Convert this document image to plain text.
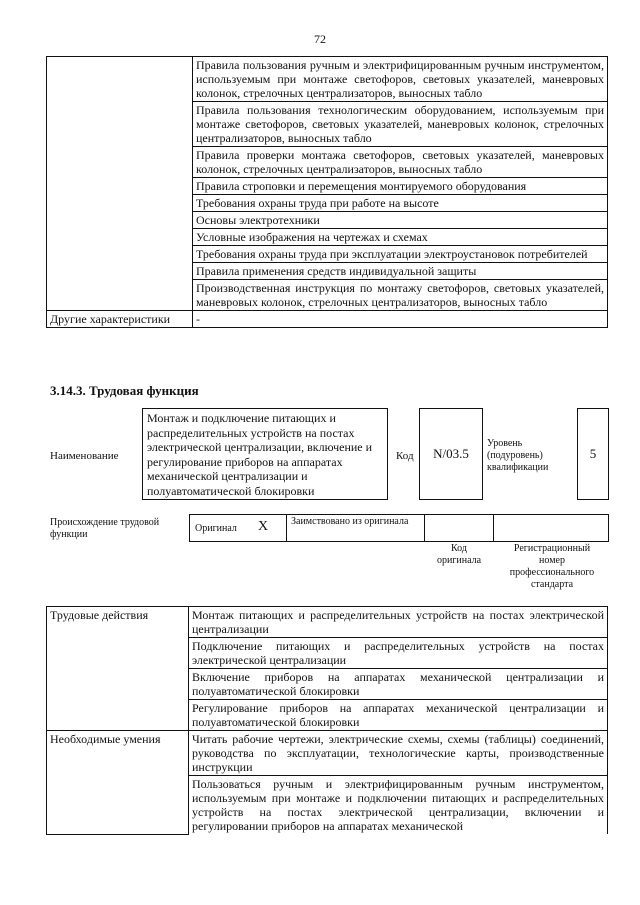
72
	Правила пользования ручным и электрифицированным ручным инструментом, используемым при монтаже светофоров, световых указателей, маневровых колонок, стрелочных централизаторов, выносных табло
	Правила пользования технологическим оборудованием, используемым при монтаже светофоров, световых указателей, маневровых колонок, стрелочных централизаторов, выносных табло
	Правила проверки монтажа светофоров, световых указателей, маневровых колонок, стрелочных централизаторов, выносных табло
	Правила строповки и перемещения монтируемого оборудования
	Требования охраны труда при работе на высоте
	Основы электротехники
	Условные изображения на чертежах и схемах
	Требования охраны труда при эксплуатации электроустановок потребителей
	Правила применения средств индивидуальной защиты
	Производственная инструкция по монтажу светофоров, световых указателей, маневровых колонок, стрелочных централизаторов, выносных табло
Другие характеристики	-
3.14.3. Трудовая функция
Наименование
Монтаж и подключение питающих и распределительных устройств на постах электрической централизации, включение и регулирование приборов на аппаратах механической централизации и полуавтоматической блокировки
Код N/03.5
Уровень (подуровень) квалификации
5
Происхождение трудовой функции
Оригинал X Заимствовано из оригинала
Код оригинала
Регистрационный номер профессионального стандарта
Трудовые действия	Монтаж питающих и распределительных устройств на постах электрической централизации
	Подключение питающих и распределительных устройств на постах электрической централизации
	Включение приборов на аппаратах механической централизации и полуавтоматической блокировки
	Регулирование приборов на аппаратах механической централизации и полуавтоматической блокировки
Необходимые умения	Читать рабочие чертежи, электрические схемы, схемы (таблицы) соединений, руководства по эксплуатации, технологические карты, производственные инструкции
	Пользоваться ручным и электрифицированным ручным инструментом, используемым при монтаже и подключении питающих и распределительных устройств на постах электрической централизации, включении и регулировании приборов на аппаратах механической
